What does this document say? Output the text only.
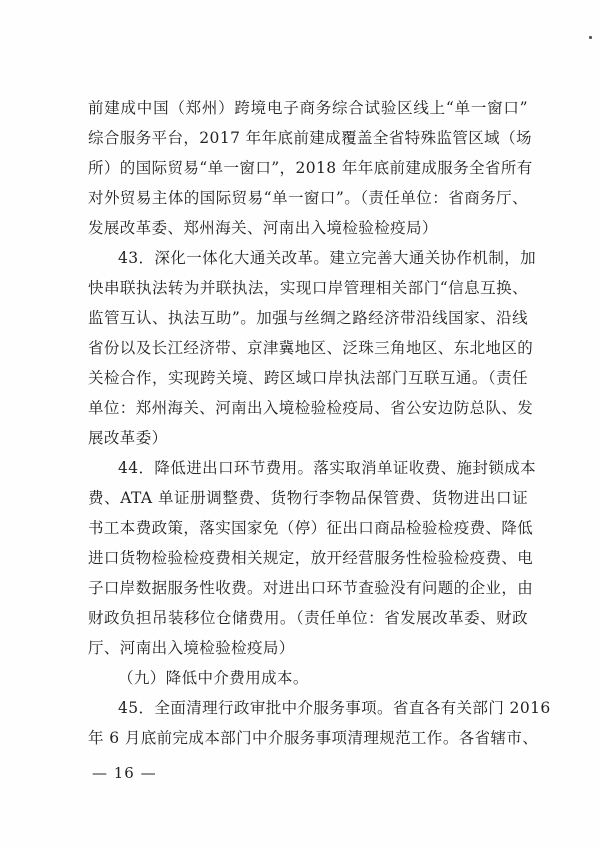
前建成中国（郑州）跨境电子商务综合试验区线上“单一窗口”
综合服务平台，2017 年年底前建成覆盖全省特殊监管区域（场
所）的国际贸易“单一窗口”，2018 年年底前建成服务全省所有
对外贸易主体的国际贸易“单一窗口”。（责任单位：省商务厅、
发展改革委、郑州海关、河南出入境检验检疫局）
43．深化一体化大通关改革。建立完善大通关协作机制，加
快串联执法转为并联执法，实现口岸管理相关部门“信息互换、
监管互认、执法互助”。加强与丝绸之路经济带沿线国家、沿线
省份以及长江经济带、京津冀地区、泛珠三角地区、东北地区的
关检合作，实现跨关境、跨区域口岸执法部门互联互通。（责任
单位：郑州海关、河南出入境检验检疫局、省公安边防总队、发
展改革委）
44．降低进出口环节费用。落实取消单证收费、施封锁成本
费、ATA 单证册调整费、货物行李物品保管费、货物进出口证
书工本费政策，落实国家免（停）征出口商品检验检疫费、降低
进口货物检验检疫费相关规定，放开经营服务性检验检疫费、电
子口岸数据服务性收费。对进出口环节查验没有问题的企业，由
财政负担吊装移位仓储费用。（责任单位：省发展改革委、财政
厅、河南出入境检验检疫局）
（九）降低中介费用成本。
45．全面清理行政审批中介服务事项。省直各有关部门 2016
年 6 月底前完成本部门中介服务事项清理规范工作。各省辖市、
— 16 —
